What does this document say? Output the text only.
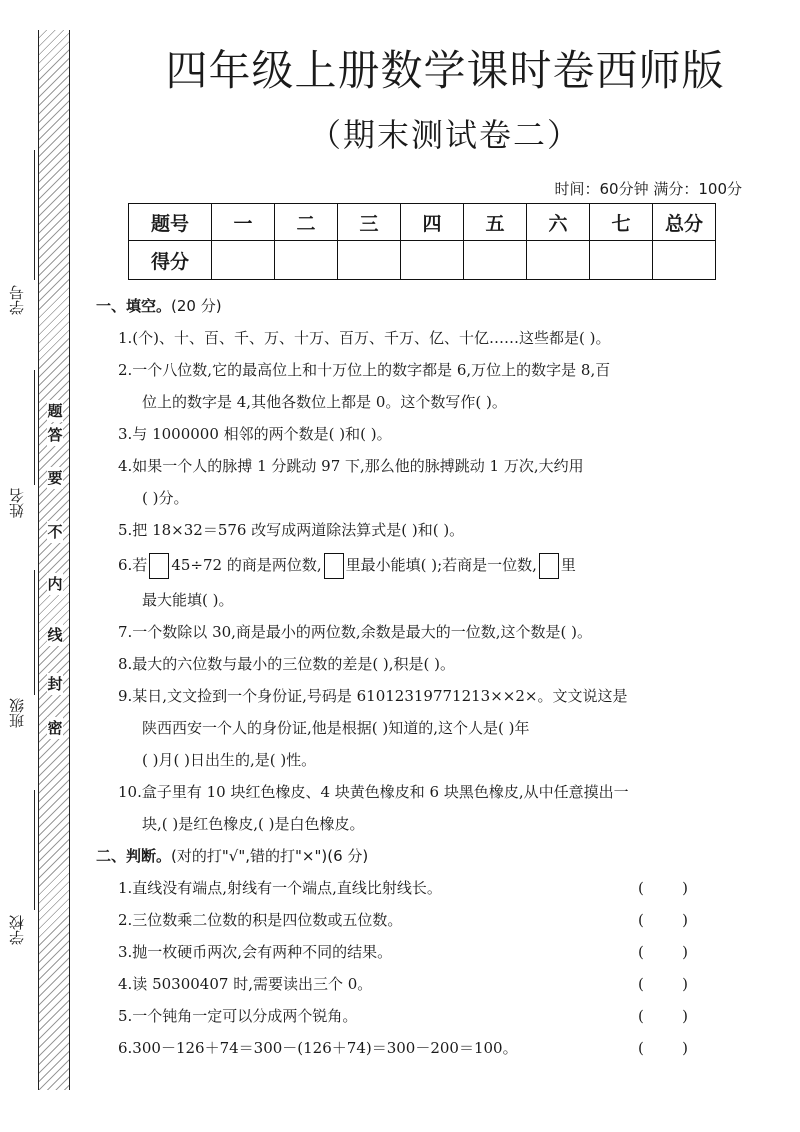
题
答
要
不
内
线
封
密
学号
姓名
班级
学校
四年级上册数学课时卷西师版
（期末测试卷二）
时间：60分钟 满分：100分
题号	一	二	三	四	五	六	七	总分
得分								
一、填空。(20 分)
1.(个)、十、百、千、万、十万、百万、千万、亿、十亿……这些都是( )。
2.一个八位数,它的最高位上和十万位上的数字都是 6,万位上的数字是 8,百
位上的数字是 4,其他各数位上都是 0。这个数写作( )。
3.与 1000000 相邻的两个数是( )和( )。
4.如果一个人的脉搏 1 分跳动 97 下,那么他的脉搏跳动 1 万次,大约用
( )分。
5.把 18×32＝576 改写成两道除法算式是( )和( )。
6.若 45÷72 的商是两位数, 里最小能填( );若商是一位数, 里
最大能填( )。
7.一个数除以 30,商是最小的两位数,余数是最大的一位数,这个数是( )。
8.最大的六位数与最小的三位数的差是( ),积是( )。
9.某日,文文捡到一个身份证,号码是 61012319771213××2×。文文说这是
陕西西安一个人的身份证,他是根据( )知道的,这个人是( )年
( )月( )日出生的,是( )性。
10.盒子里有 10 块红色橡皮、4 块黄色橡皮和 6 块黑色橡皮,从中任意摸出一
块,( )是红色橡皮,( )是白色橡皮。
二、判断。(对的打"√",错的打"×")(6 分)
1.直线没有端点,射线有一个端点,直线比射线长。	(	)
2.三位数乘二位数的积是四位数或五位数。	(	)
3.抛一枚硬币两次,会有两种不同的结果。	(	)
4.读 50300407 时,需要读出三个 0。	(	)
5.一个钝角一定可以分成两个锐角。	(	)
6.300－126＋74＝300－(126＋74)＝300－200＝100。	(	)
